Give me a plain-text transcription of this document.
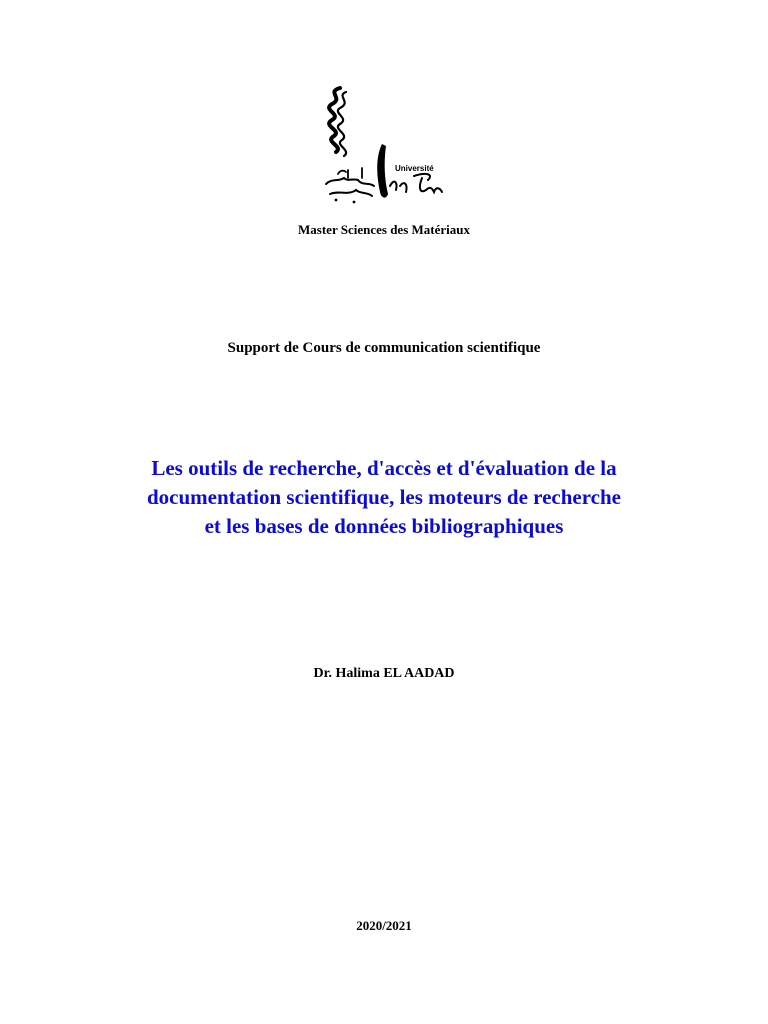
Université
Master Sciences des Matériaux
Support de Cours de communication scientifique
Les outils de recherche, d'accès et d'évaluation de la
documentation scientifique, les moteurs de recherche
et les bases de données bibliographiques
Dr. Halima EL AADAD
2020/2021
